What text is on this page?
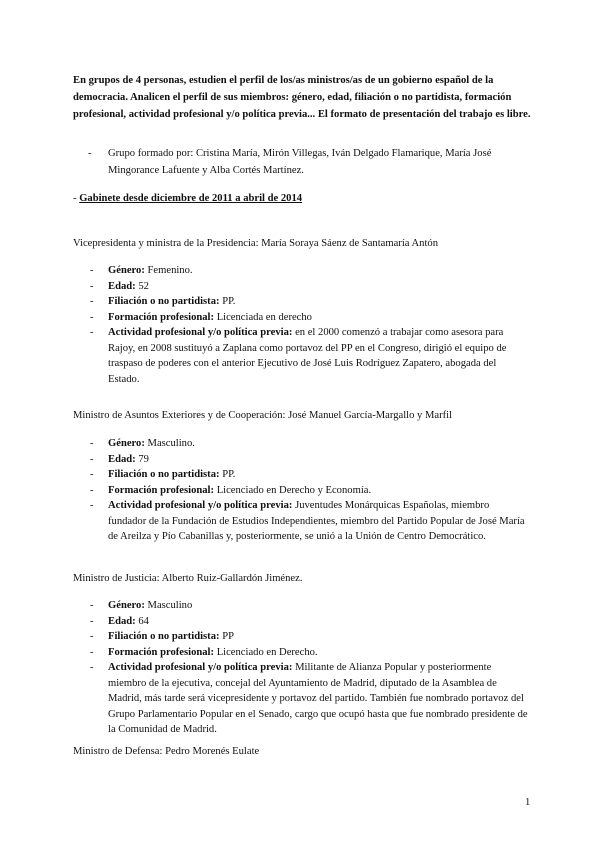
En grupos de 4 personas, estudien el perfil de los/as ministros/as de un gobierno español de la democracia. Analicen el perfil de sus miembros: género, edad, filiación o no partidista, formación profesional, actividad profesional y/o política previa... El formato de presentación del trabajo es libre.

- Grupo formado por: Cristina María, Mirón Villegas, Iván Delgado Flamarique, María José Mingorance Lafuente y Alba Cortés Martínez.

- Gabinete desde diciembre de 2011 a abril de 2014

Vicepresidenta y ministra de la Presidencia: María Soraya Sáenz de Santamaría Antón

- Género: Femenino.
- Edad: 52
- Filiación o no partidista: PP.
- Formación profesional: Licenciada en derecho
- Actividad profesional y/o política previa: en el 2000 comenzó a trabajar como asesora para Rajoy, en 2008 sustituyó a Zaplana como portavoz del PP en el Congreso, dirigió el equipo de traspaso de poderes con el anterior Ejecutivo de José Luis Rodríguez Zapatero, abogada del Estado.

Ministro de Asuntos Exteriores y de Cooperación: José Manuel García-Margallo y Marfil

- Género: Masculino.
- Edad: 79
- Filiación o no partidista: PP.
- Formación profesional: Licenciado en Derecho y Economía.
- Actividad profesional y/o política previa: Juventudes Monárquicas Españolas, miembro fundador de la Fundación de Estudios Independientes, miembro del Partido Popular de José María de Areilza y Pío Cabanillas y, posteriormente, se unió a la Unión de Centro Democrático.

Ministro de Justicia: Alberto Ruiz-Gallardón Jiménez.

- Género: Masculino
- Edad: 64
- Filiación o no partidista: PP
- Formación profesional: Licenciado en Derecho.
- Actividad profesional y/o política previa: Militante de Alianza Popular y posteriormente miembro de la ejecutiva, concejal del Ayuntamiento de Madrid, diputado de la Asamblea de Madrid, más tarde será vicepresidente y portavoz del partido. También fue nombrado portavoz del Grupo Parlamentario Popular en el Senado, cargo que ocupó hasta que fue nombrado presidente de la Comunidad de Madrid.

Ministro de Defensa: Pedro Morenés Eulate

1
